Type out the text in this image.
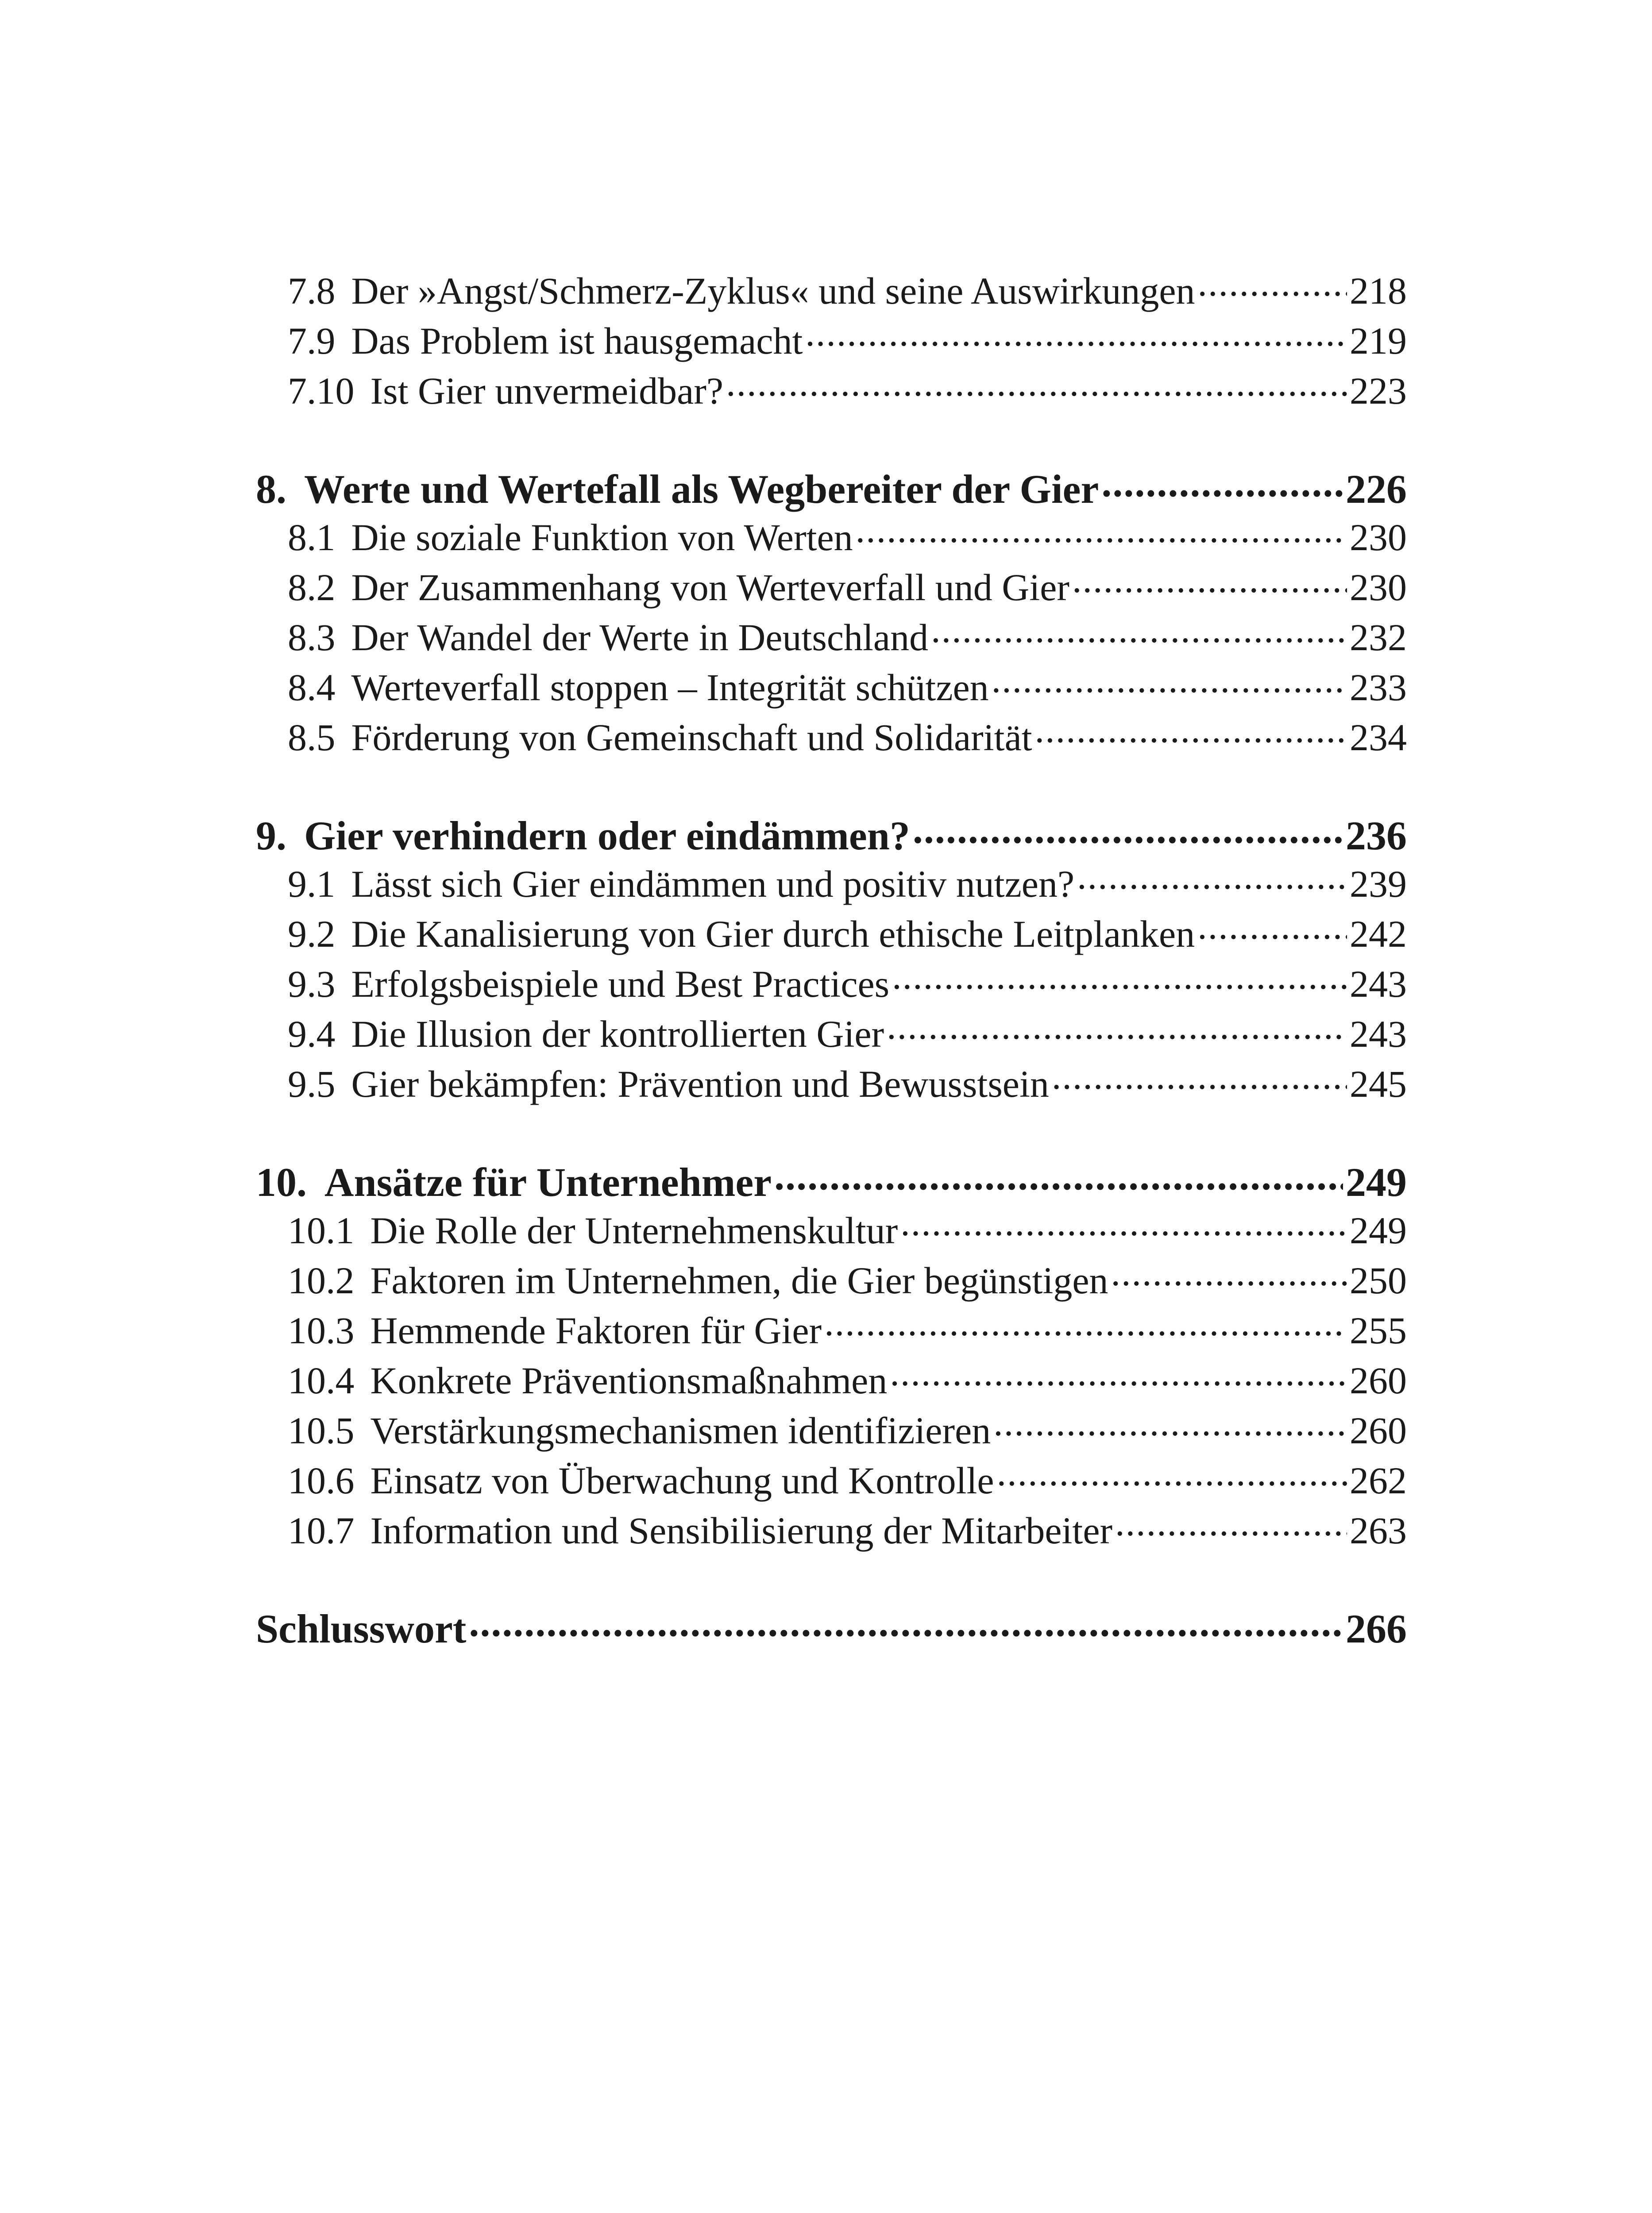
7.8 Der »Angst/Schmerz-Zyklus« und seine Auswirkungen .....	218
7.9 Das Problem ist hausgemacht .....	219
7.10 Ist Gier unvermeidbar? .....	223
8. Werte und Wertefall als Wegbereiter der Gier .....	226
8.1 Die soziale Funktion von Werten .....	230
8.2 Der Zusammenhang von Werteverfall und Gier .....	230
8.3 Der Wandel der Werte in Deutschland .....	232
8.4 Werteverfall stoppen – Integrität schützen .....	233
8.5 Förderung von Gemeinschaft und Solidarität .....	234
9. Gier verhindern oder eindämmen? .....	236
9.1 Lässt sich Gier eindämmen und positiv nutzen? .....	239
9.2 Die Kanalisierung von Gier durch ethische Leitplanken .....	242
9.3 Erfolgsbeispiele und Best Practices .....	243
9.4 Die Illusion der kontrollierten Gier .....	243
9.5 Gier bekämpfen: Prävention und Bewusstsein .....	245
10. Ansätze für Unternehmer .....	249
10.1 Die Rolle der Unternehmenskultur .....	249
10.2 Faktoren im Unternehmen, die Gier begünstigen .....	250
10.3 Hemmende Faktoren für Gier .....	255
10.4 Konkrete Präventionsmaßnahmen .....	260
10.5 Verstärkungsmechanismen identifizieren .....	260
10.6 Einsatz von Überwachung und Kontrolle .....	262
10.7 Information und Sensibilisierung der Mitarbeiter .....	263
Schlusswort .....	266
